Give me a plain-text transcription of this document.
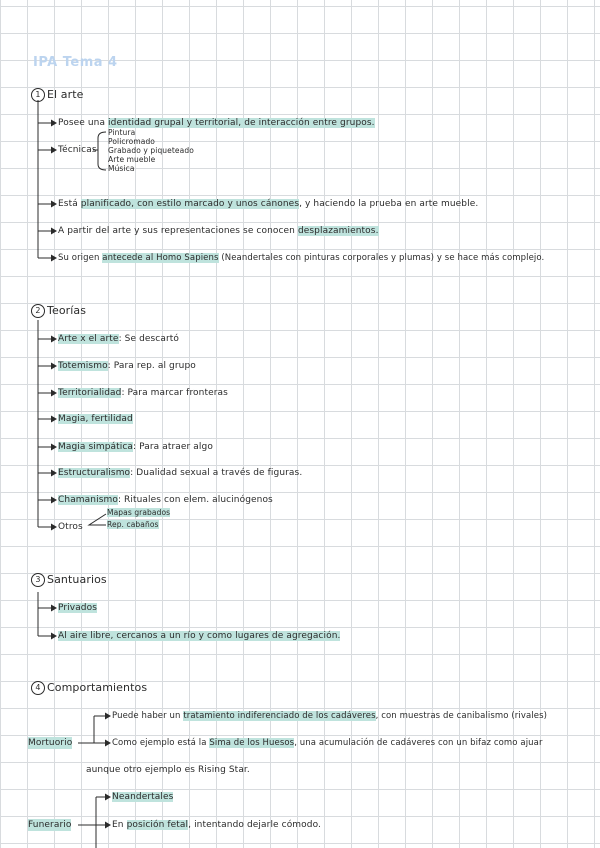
IPA Tema 4
1 El arte
Posee una identidad grupal y territorial, de interacción entre grupos.
Técnicas
Pintura
Policromado
Grabado y piqueteado
Arte mueble
Música
Está planificado, con estilo marcado y unos cánones, y haciendo la prueba en arte mueble.
A partir del arte y sus representaciones se conocen desplazamientos.
Su origen antecede al Homo Sapiens (Neandertales con pinturas corporales y plumas) y se hace más complejo.
2 Teorías
Arte x el arte: Se descartó
Totemismo: Para rep. al grupo
Territorialidad: Para marcar fronteras
Magia, fertilidad
Magia simpática: Para atraer algo
Estructuralismo: Dualidad sexual a través de figuras.
Chamanismo: Rituales con elem. alucinógenos
Otros
Mapas grabados
Rep. cabaños
3 Santuarios
Privados
Al aire libre, cercanos a un río y como lugares de agregación.
4 Comportamientos
Mortuorio
Puede haber un tratamiento indiferenciado de los cadáveres, con muestras de canibalismo (rivales)
Como ejemplo está la Sima de los Huesos, una acumulación de cadáveres con un bifaz como ajuar
aunque otro ejemplo es Rising Star.
Funerario
Neandertales
En posición fetal, intentando dejarle cómodo.
